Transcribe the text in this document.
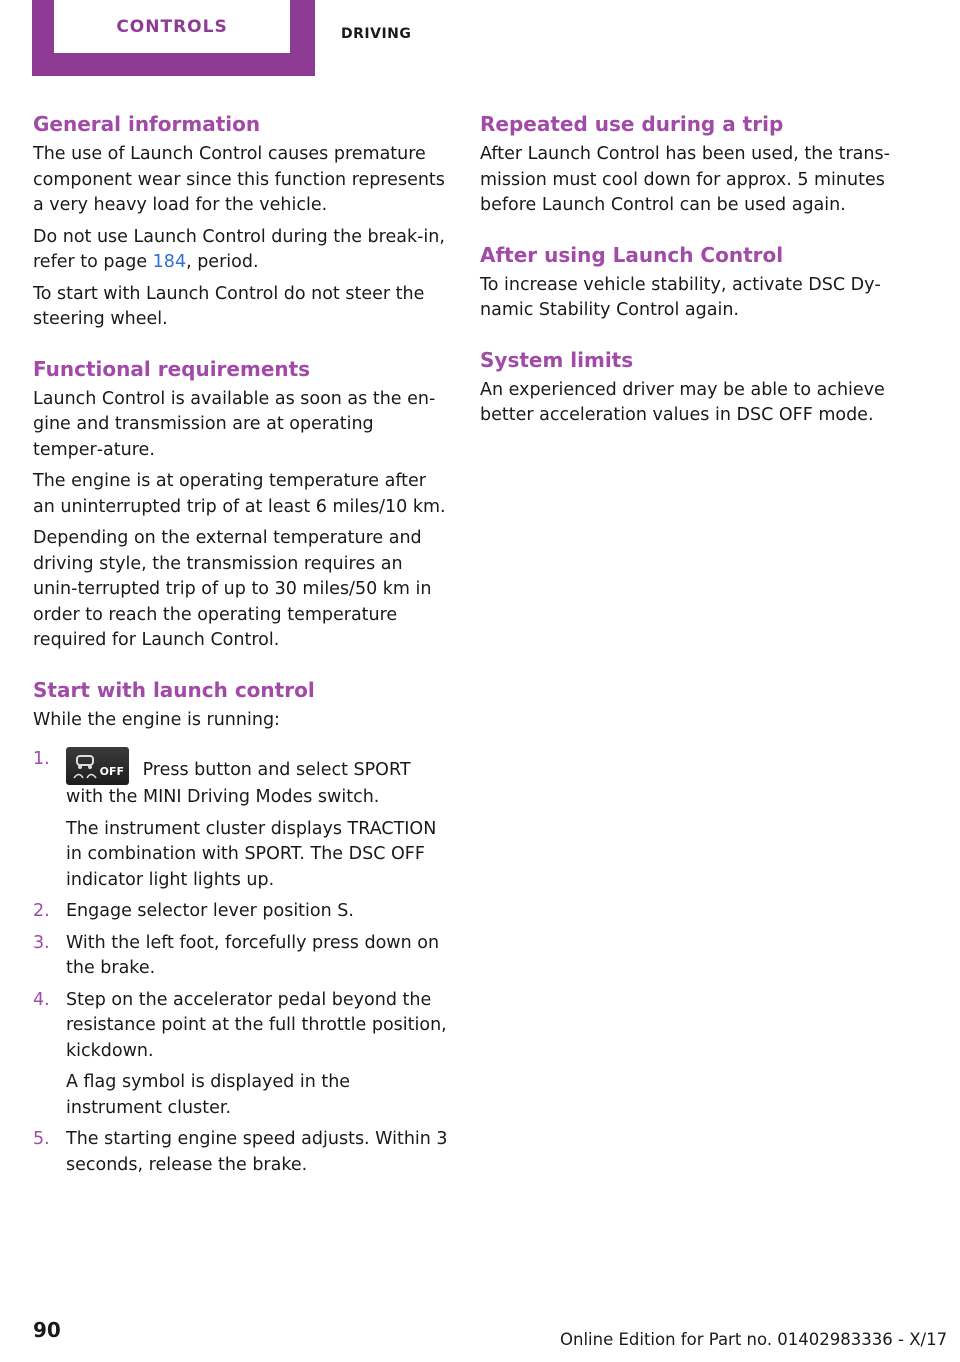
CONTROLS	DRIVING
General information

The use of Launch Control causes premature component wear since this function represents a very heavy load for the vehicle.

Do not use Launch Control during the break-in, refer to page 184, period.

To start with Launch Control do not steer the steering wheel.

Functional requirements

Launch Control is available as soon as the en‐gine and transmission are at operating temper‐ature.

The engine is at operating temperature after an uninterrupted trip of at least 6 miles/10 km.

Depending on the external temperature and driving style, the transmission requires an unin‐terrupted trip of up to 30 miles/50 km in order to reach the operating temperature required for Launch Control.

Start with launch control

While the engine is running:

1.

OFF Press button and select SPORT with the MINI Driving Modes switch.

The instrument cluster displays TRACTION in combination with SPORT. The DSC OFF indicator light lights up.

2. Engage selector lever position S.

3. With the left foot, forcefully press down on the brake.

4. Step on the accelerator pedal beyond the resistance point at the full throttle position, kickdown.

A flag symbol is displayed in the instrument cluster.

5. The starting engine speed adjusts. Within 3 seconds, release the brake.

Repeated use during a trip

After Launch Control has been used, the trans‐mission must cool down for approx. 5 minutes before Launch Control can be used again.

After using Launch Control

To increase vehicle stability, activate DSC Dy‐namic Stability Control again.

System limits

An experienced driver may be able to achieve better acceleration values in DSC OFF mode.

90	Online Edition for Part no. 01402983336 - X/17
